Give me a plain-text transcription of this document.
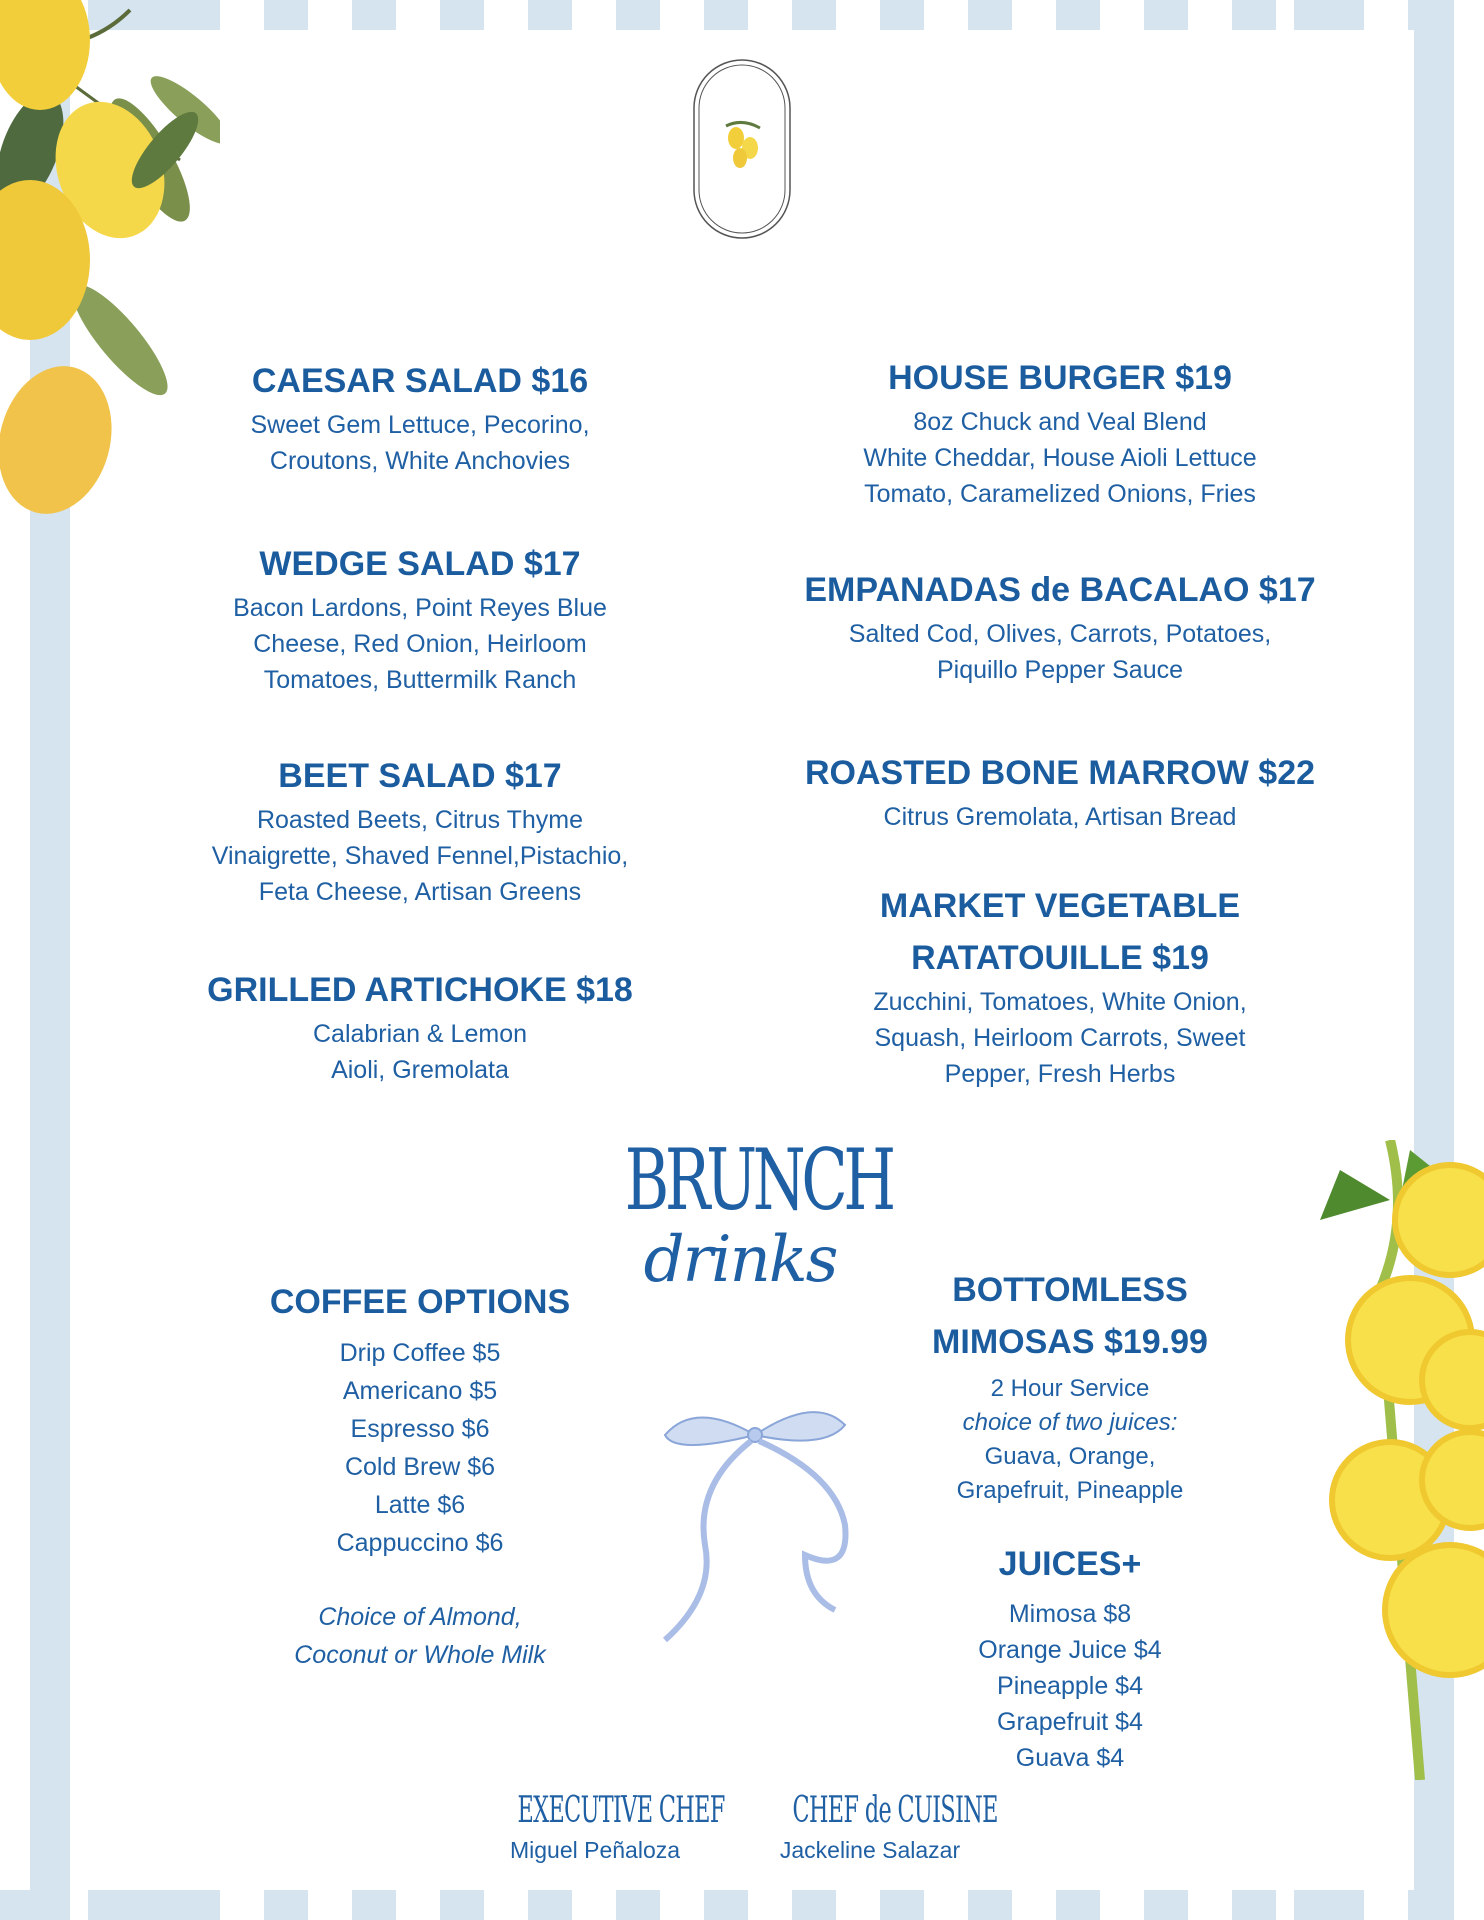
CAESAR SALAD $16
Sweet Gem Lettuce, Pecorino,
Croutons, White Anchovies
WEDGE SALAD $17
Bacon Lardons, Point Reyes Blue
Cheese, Red Onion, Heirloom
Tomatoes, Buttermilk Ranch
BEET SALAD $17
Roasted Beets, Citrus Thyme
Vinaigrette, Shaved Fennel,Pistachio,
Feta Cheese, Artisan Greens
GRILLED ARTICHOKE $18
Calabrian & Lemon
Aioli, Gremolata
HOUSE BURGER $19
8oz Chuck and Veal Blend
White Cheddar, House Aioli Lettuce
Tomato, Caramelized Onions, Fries
EMPANADAS de BACALAO $17
Salted Cod, Olives, Carrots, Potatoes,
Piquillo Pepper Sauce
ROASTED BONE MARROW $22
Citrus Gremolata, Artisan Bread
MARKET VEGETABLE
RATATOUILLE $19
Zucchini, Tomatoes, White Onion,
Squash, Heirloom Carrots, Sweet
Pepper, Fresh Herbs
BRUNCH
drinks
COFFEE OPTIONS
Drip Coffee $5
Americano $5
Espresso $6
Cold Brew $6
Latte $6
Cappuccino $6
Choice of Almond,
Coconut or Whole Milk
BOTTOMLESS
MIMOSAS $19.99
2 Hour Service
choice of two juices:
Guava, Orange,
Grapefruit, Pineapple
JUICES+
Mimosa $8
Orange Juice $4
Pineapple $4
Grapefruit $4
Guava $4
EXECUTIVE CHEF
Miguel Peñaloza
CHEF de CUISINE
Jackeline Salazar
